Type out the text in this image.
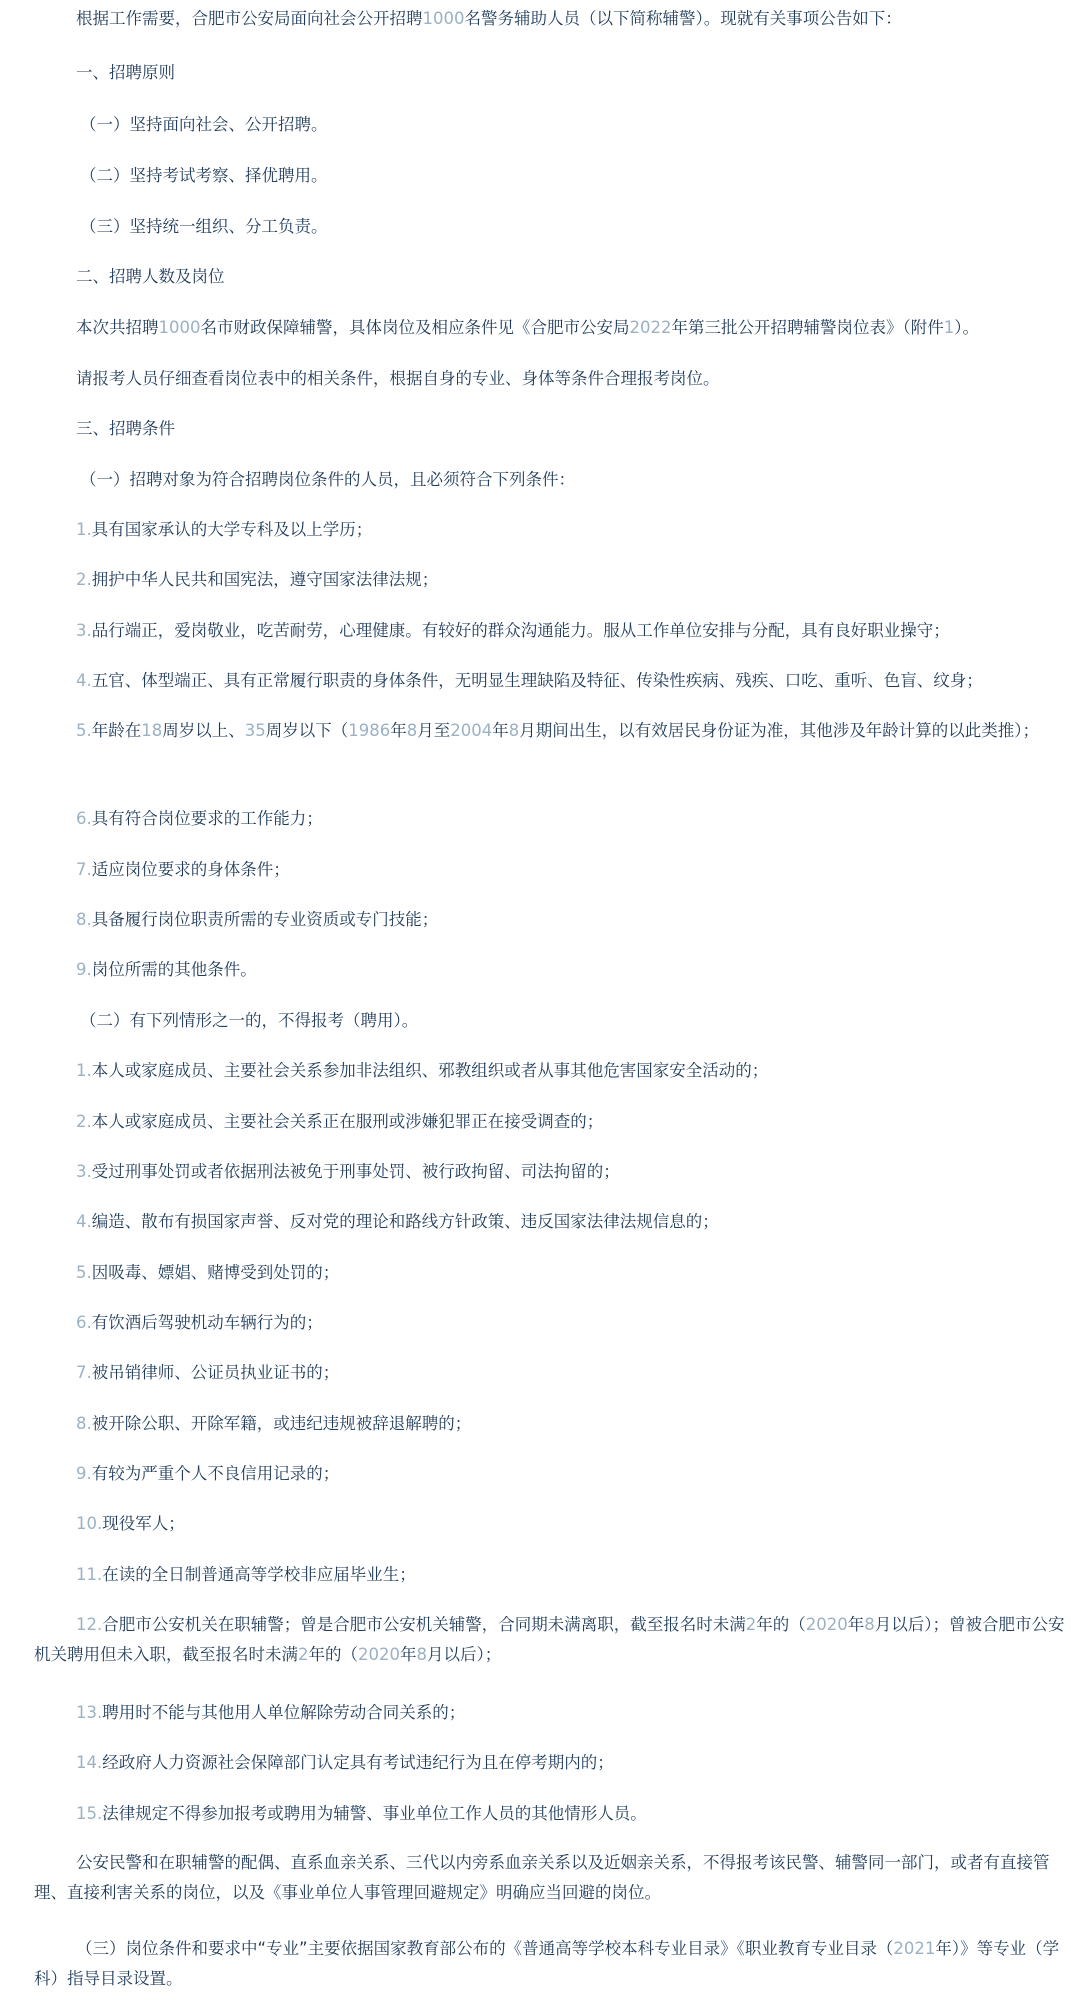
根据工作需要，合肥市公安局面向社会公开招聘1000名警务辅助人员（以下简称辅警）。现就有关事项公告如下：
一、招聘原则
（一）坚持面向社会、公开招聘。
（二）坚持考试考察、择优聘用。
（三）坚持统一组织、分工负责。
二、招聘人数及岗位
本次共招聘1000名市财政保障辅警，具体岗位及相应条件见《合肥市公安局2022年第三批公开招聘辅警岗位表》（附件1）。
请报考人员仔细查看岗位表中的相关条件，根据自身的专业、身体等条件合理报考岗位。
三、招聘条件
（一）招聘对象为符合招聘岗位条件的人员，且必须符合下列条件：
1.具有国家承认的大学专科及以上学历；
2.拥护中华人民共和国宪法，遵守国家法律法规；
3.品行端正，爱岗敬业，吃苦耐劳，心理健康。有较好的群众沟通能力。服从工作单位安排与分配，具有良好职业操守；
4.五官、体型端正、具有正常履行职责的身体条件，无明显生理缺陷及特征、传染性疾病、残疾、口吃、重听、色盲、纹身；
5.年龄在18周岁以上、35周岁以下（1986年8月至2004年8月期间出生，以有效居民身份证为准，其他涉及年龄计算的以此类推）；
6.具有符合岗位要求的工作能力；
7.适应岗位要求的身体条件；
8.具备履行岗位职责所需的专业资质或专门技能；
9.岗位所需的其他条件。
（二）有下列情形之一的，不得报考（聘用）。
1.本人或家庭成员、主要社会关系参加非法组织、邪教组织或者从事其他危害国家安全活动的；
2.本人或家庭成员、主要社会关系正在服刑或涉嫌犯罪正在接受调查的；
3.受过刑事处罚或者依据刑法被免于刑事处罚、被行政拘留、司法拘留的；
4.编造、散布有损国家声誉、反对党的理论和路线方针政策、违反国家法律法规信息的；
5.因吸毒、嫖娼、赌博受到处罚的；
6.有饮酒后驾驶机动车辆行为的；
7.被吊销律师、公证员执业证书的；
8.被开除公职、开除军籍，或违纪违规被辞退解聘的；
9.有较为严重个人不良信用记录的；
10.现役军人；
11.在读的全日制普通高等学校非应届毕业生；
12.合肥市公安机关在职辅警；曾是合肥市公安机关辅警，合同期未满离职，截至报名时未满2年的（2020年8月以后）；曾被合肥市公安机关聘用但未入职，截至报名时未满2年的（2020年8月以后）；
13.聘用时不能与其他用人单位解除劳动合同关系的；
14.经政府人力资源社会保障部门认定具有考试违纪行为且在停考期内的；
15.法律规定不得参加报考或聘用为辅警、事业单位工作人员的其他情形人员。
公安民警和在职辅警的配偶、直系血亲关系、三代以内旁系血亲关系以及近姻亲关系，不得报考该民警、辅警同一部门，或者有直接管理、直接利害关系的岗位，以及《事业单位人事管理回避规定》明确应当回避的岗位。
（三）岗位条件和要求中“专业”主要依据国家教育部公布的《普通高等学校本科专业目录》《职业教育专业目录（2021年）》等专业（学科）指导目录设置。
